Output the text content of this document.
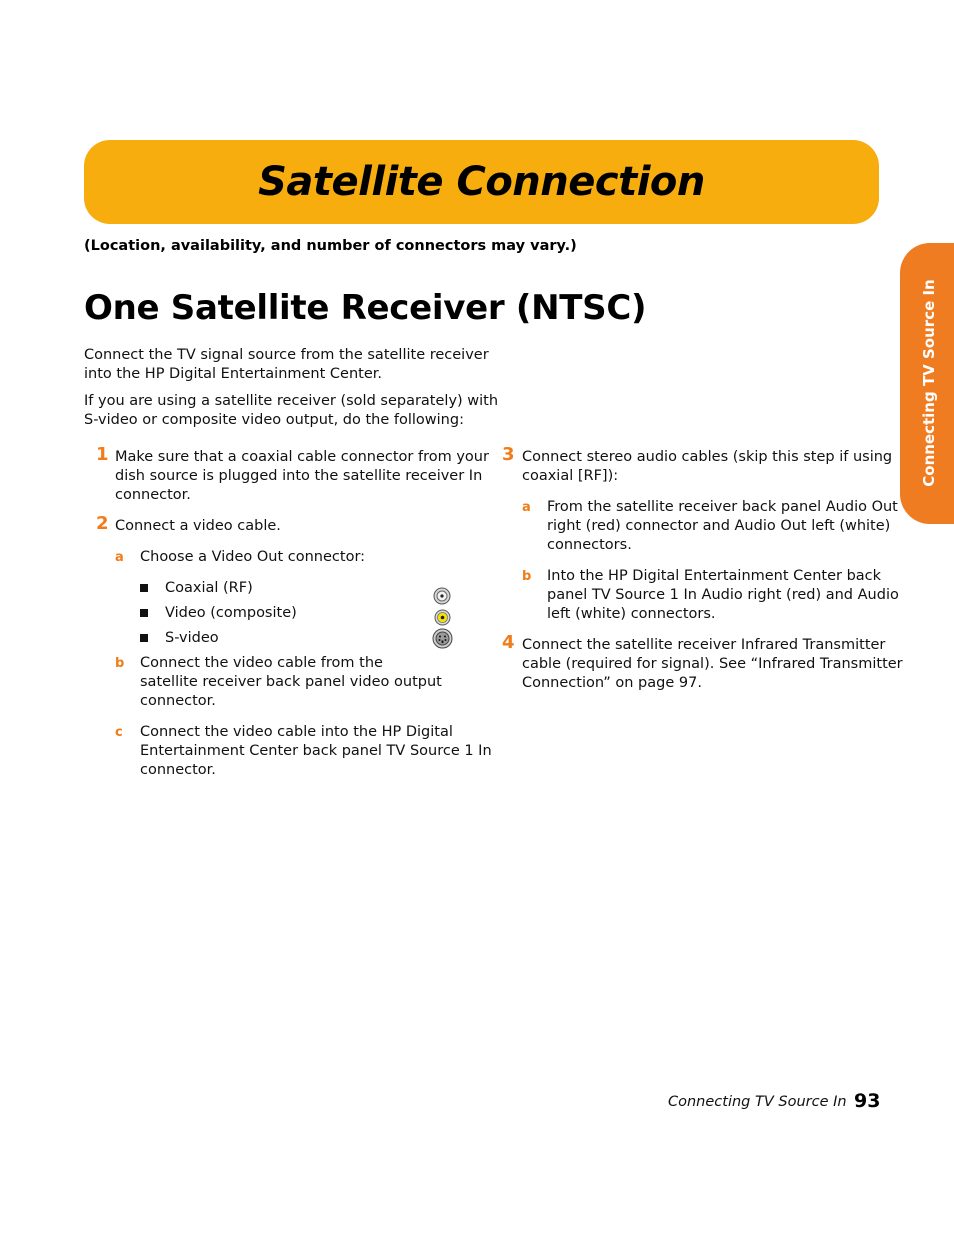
Satellite Connection
(Location, availability, and number of connectors may vary.)
One Satellite Receiver (NTSC)
Connect the TV signal source from the satellite receiver
into the HP Digital Entertainment Center.
If you are using a satellite receiver (sold separately) with
S-video or composite video output, do the following:
1 Make sure that a coaxial cable connector from your
dish source is plugged into the satellite receiver In
connector.
2 Connect a video cable.
a Choose a Video Out connector:
Coaxial (RF)
Video (composite)
S-video
b Connect the video cable from the
satellite receiver back panel video output
connector.
c Connect the video cable into the HP Digital
Entertainment Center back panel TV Source 1 In
connector.
3 Connect stereo audio cables (skip this step if using
coaxial [RF]):
a From the satellite receiver back panel Audio Out
right (red) connector and Audio Out left (white)
connectors.
b Into the HP Digital Entertainment Center back
panel TV Source 1 In Audio right (red) and Audio
left (white) connectors.
4 Connect the satellite receiver Infrared Transmitter
cable (required for signal). See “Infrared Transmitter
Connection” on page 97.
Connecting TV Source In
Connecting TV Source In 93
